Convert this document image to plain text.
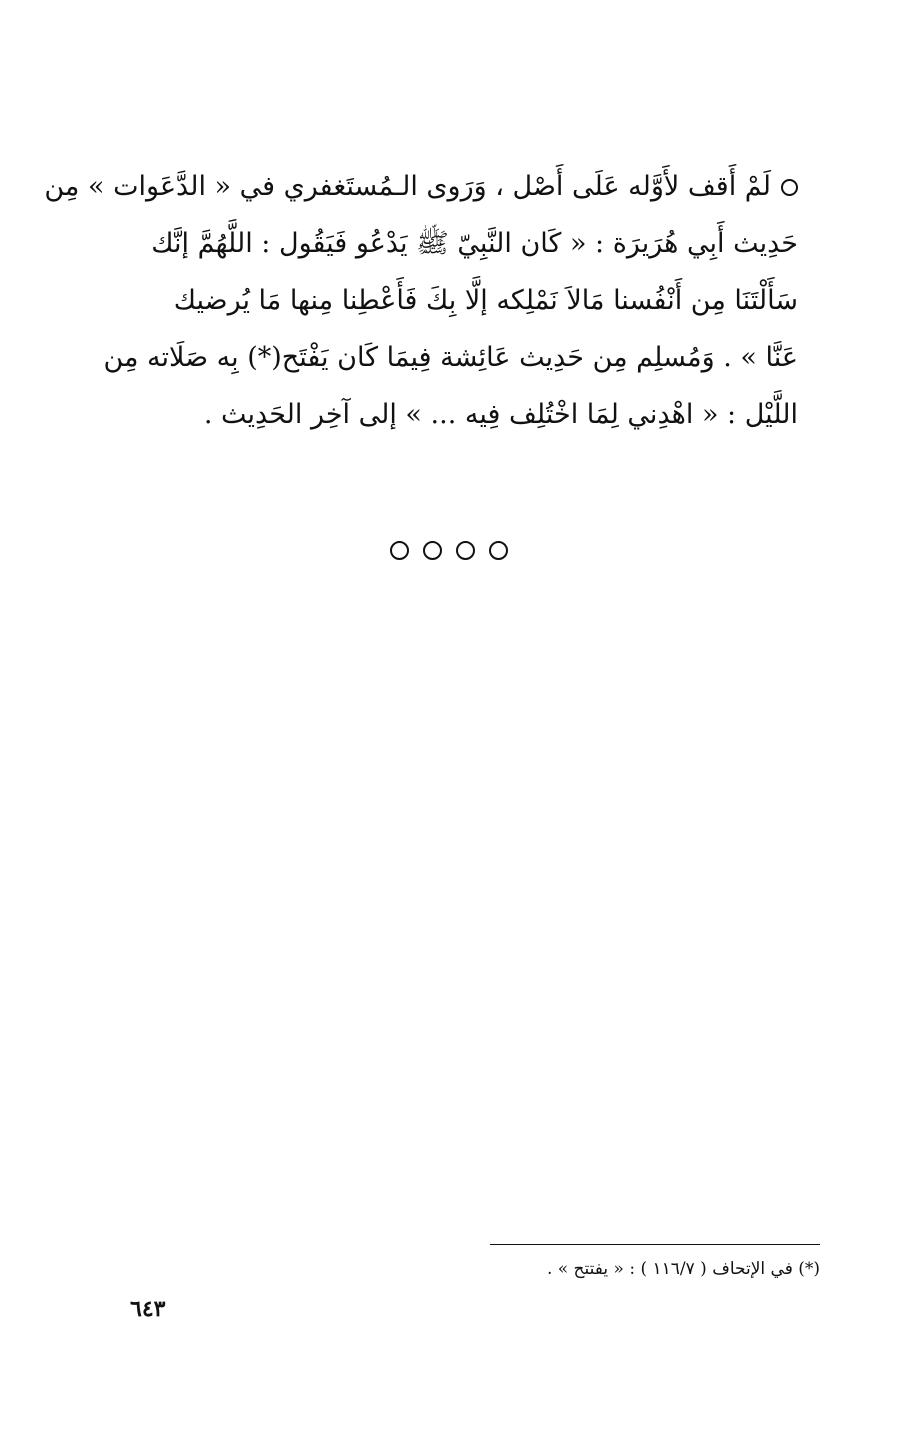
لَمْ أَقف لأَوَّله عَلَى أَصْل ، وَرَوى الـمُستَغفري في « الدَّعَوات » مِن
حَدِيث أَبِي هُرَيرَة : « كَان النَّبِيّ ﷺ يَدْعُو فَيَقُول : اللَّهُمَّ إنَّك
سَأَلْتَنَا مِن أَنْفُسنا مَالاَ نَمْلِكه إلَّا بِكَ فَأَعْطِنا مِنها مَا يُرضيك
عَنَّا » . وَمُسلِم مِن حَدِيث عَائِشة فِيمَا كَان يَفْتَح(*) بِه صَلَاته مِن
اللَّيْل : « اهْدِني لِمَا اخْتُلِف فِيه ... » إلى آخِر الحَدِيث .
(*) في الإتحاف ( ١١٦/٧ ) : « يفتتح » .
٦٤٣
